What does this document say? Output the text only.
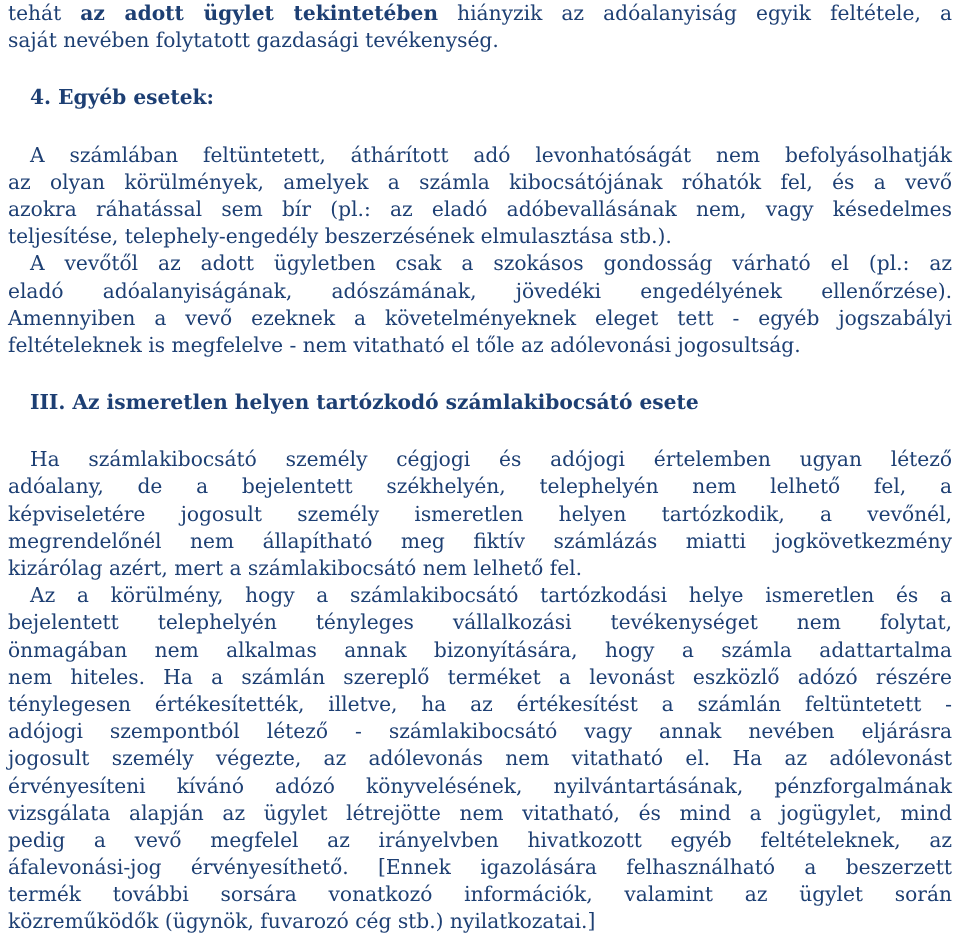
tehát az adott ügylet tekintetében hiányzik az adóalanyiság egyik feltétele, a
saját nevében folytatott gazdasági tevékenység.
4. Egyéb esetek:
A számlában feltüntetett, áthárított adó levonhatóságát nem befolyásolhatják
az olyan körülmények, amelyek a számla kibocsátójának róhatók fel, és a vevő
azokra ráhatással sem bír (pl.: az eladó adóbevallásának nem, vagy késedelmes
teljesítése, telephely-engedély beszerzésének elmulasztása stb.).
A vevőtől az adott ügyletben csak a szokásos gondosság várható el (pl.: az
eladó adóalanyiságának, adószámának, jövedéki engedélyének ellenőrzése).
Amennyiben a vevő ezeknek a követelményeknek eleget tett - egyéb jogszabályi
feltételeknek is megfelelve - nem vitatható el tőle az adólevonási jogosultság.
III. Az ismeretlen helyen tartózkodó számlakibocsátó esete
Ha számlakibocsátó személy cégjogi és adójogi értelemben ugyan létező
adóalany, de a bejelentett székhelyén, telephelyén nem lelhető fel, a
képviseletére jogosult személy ismeretlen helyen tartózkodik, a vevőnél,
megrendelőnél nem állapítható meg fiktív számlázás miatti jogkövetkezmény
kizárólag azért, mert a számlakibocsátó nem lelhető fel.
Az a körülmény, hogy a számlakibocsátó tartózkodási helye ismeretlen és a
bejelentett telephelyén tényleges vállalkozási tevékenységet nem folytat,
önmagában nem alkalmas annak bizonyítására, hogy a számla adattartalma
nem hiteles. Ha a számlán szereplő terméket a levonást eszközlő adózó részére
ténylegesen értékesítették, illetve, ha az értékesítést a számlán feltüntetett -
adójogi szempontból létező - számlakibocsátó vagy annak nevében eljárásra
jogosult személy végezte, az adólevonás nem vitatható el. Ha az adólevonást
érvényesíteni kívánó adózó könyvelésének, nyilvántartásának, pénzforgalmának
vizsgálata alapján az ügylet létrejötte nem vitatható, és mind a jogügylet, mind
pedig a vevő megfelel az irányelvben hivatkozott egyéb feltételeknek, az
áfalevonási-jog érvényesíthető. [Ennek igazolására felhasználható a beszerzett
termék további sorsára vonatkozó információk, valamint az ügylet során
közreműködők (ügynök, fuvarozó cég stb.) nyilatkozatai.]
